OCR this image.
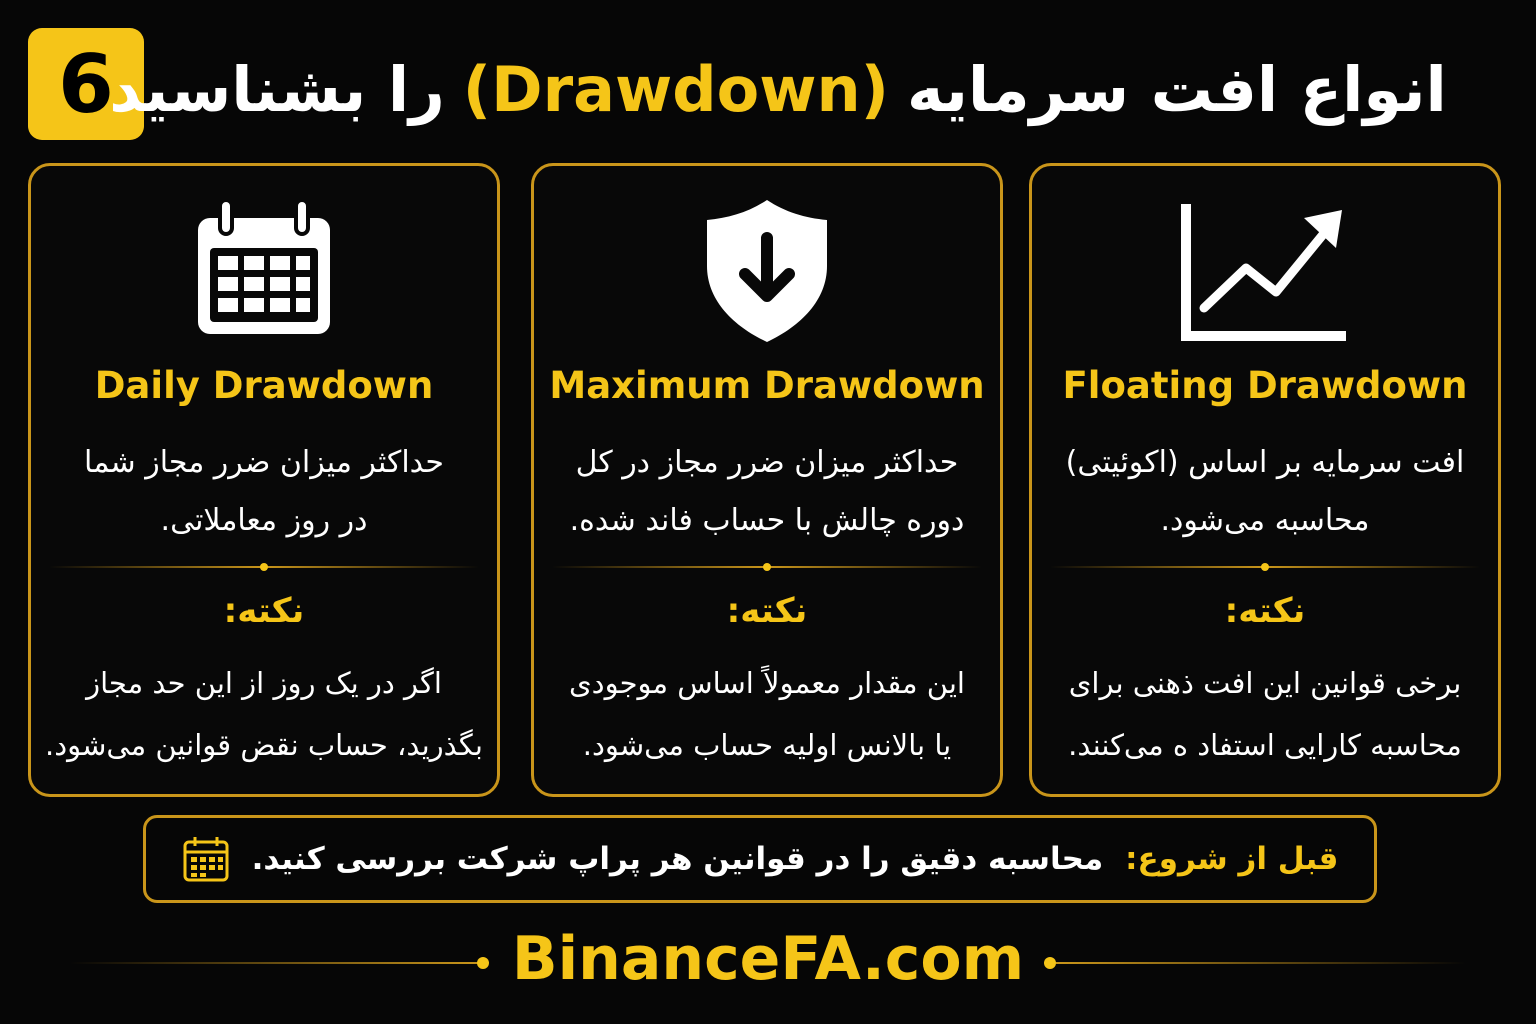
6	انواع افت سرمایه
(Drawdown)
را بشناسید
Daily Drawdown
حداکثر میزان ضرر مجاز شما
در روز معاملاتی.
نکته:
اگر در یک روز از این حد مجاز
بگذرید، حساب نقض قوانین می‌شود.
Maximum Drawdown
حداکثر میزان ضرر مجاز در کل
دوره چالش با حساب فاند شده.
نکته:
این مقدار معمولاً اساس موجودی
یا بالانس اولیه حساب می‌شود.
Floating Drawdown
افت سرمایه بر اساس (اکوئیتی)
محاسبه می‌شود.
نکته:
برخی قوانین این افت ذهنی برای
محاسبه کارایی استفاد ه می‌کنند.
قبل از شروع:
محاسبه دقیق را در قوانین هر پراپ شرکت بررسی کنید.
BinanceFA.com
